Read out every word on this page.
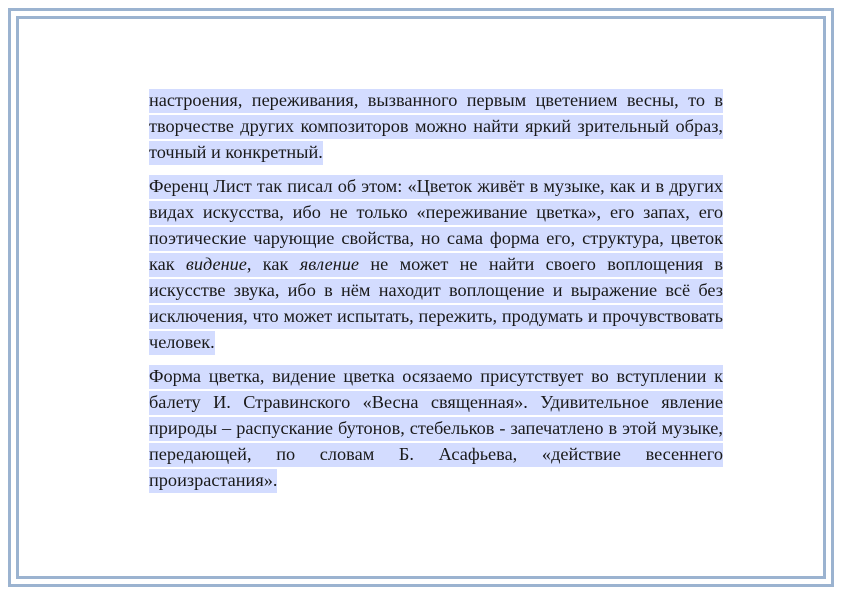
настроения, переживания, вызванного первым цветением весны, то в творчестве других композиторов можно найти яркий зрительный образ, точный и конкретный.

Ференц Лист так писал об этом: «Цветок живёт в музыке, как и в других видах искусства, ибо не только «переживание цветка», его запах, его поэтические чарующие свойства, но сама форма его, структура, цветок как видение, как явление не может не найти своего воплощения в искусстве звука, ибо в нём находит воплощение и выражение всё без исключения, что может испытать, пережить, продумать и прочувствовать человек.

Форма цветка, видение цветка осязаемо присутствует во вступлении к балету И. Стравинского «Весна священная». Удивительное явление природы – распускание бутонов, стебельков - запечатлено в этой музыке, передающей, по словам Б. Асафьева, «действие весеннего произрастания».
